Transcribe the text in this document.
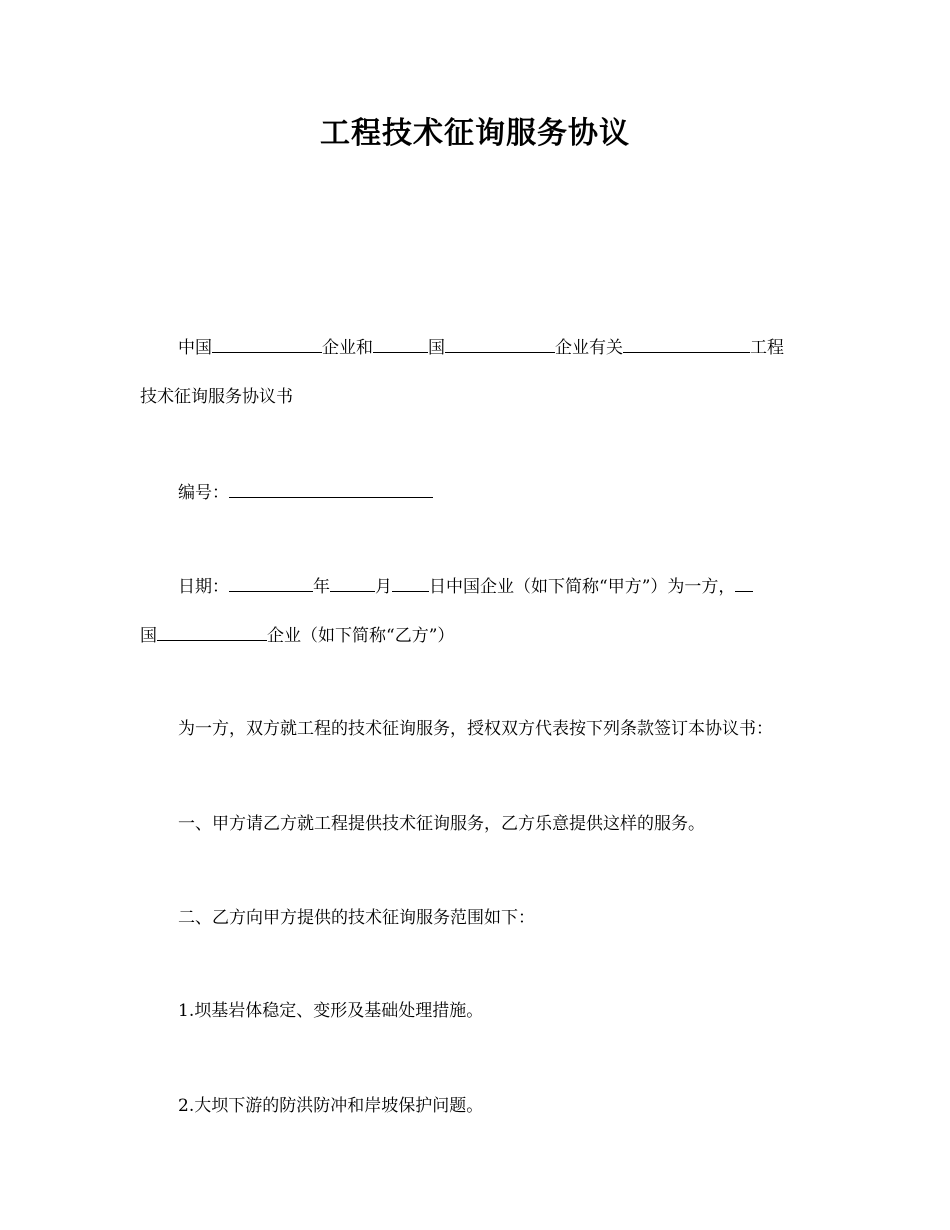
工程技术征询服务协议
中国	企业和	国	企业有关	工程
技术征询服务协议书
编号：
日期：	年	月 日中国企业（如下简称“甲方”）为一方，
国	企业（如下简称“乙方”）
为一方，双方就工程的技术征询服务，授权双方代表按下列条款签订本协议书：
一、甲方请乙方就工程提供技术征询服务，乙方乐意提供这样的服务。
二、乙方向甲方提供的技术征询服务范围如下：
1.坝基岩体稳定、变形及基础处理措施。
2.大坝下游的防洪防冲和岸坡保护问题。
